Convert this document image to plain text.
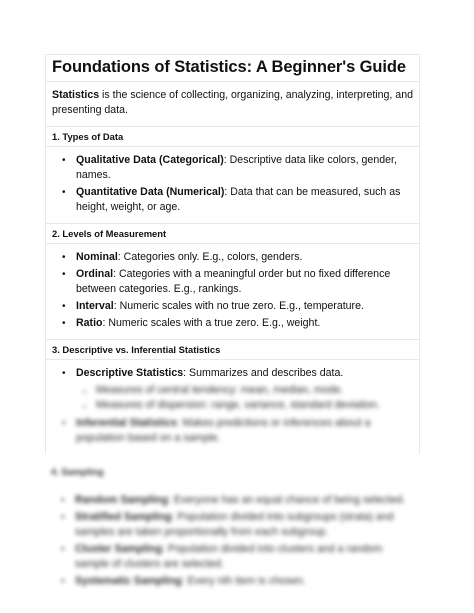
Foundations of Statistics: A Beginner's Guide

Statistics is the science of collecting, organizing, analyzing, interpreting, and presenting data.

1. Types of Data

• Qualitative Data (Categorical): Descriptive data like colors, gender, names.
• Quantitative Data (Numerical): Data that can be measured, such as height, weight, or age.

2. Levels of Measurement

• Nominal: Categories only. E.g., colors, genders.
• Ordinal: Categories with a meaningful order but no fixed difference between categories. E.g., rankings.
• Interval: Numeric scales with no true zero. E.g., temperature.
• Ratio: Numeric scales with a true zero. E.g., weight.

3. Descriptive vs. Inferential Statistics

• Descriptive Statistics: Summarizes and describes data.
○ Measures of central tendency: mean, median, mode.
○ Measures of dispersion: range, variance, standard deviation.
• Inferential Statistics: Makes predictions or inferences about a population based on a sample.

4. Sampling

• Random Sampling: Everyone has an equal chance of being selected.
• Stratified Sampling: Population divided into subgroups (strata) and samples are taken proportionally from each subgroup.
• Cluster Sampling: Population divided into clusters and a random sample of clusters are selected.
• Systematic Sampling: Every nth item is chosen.
